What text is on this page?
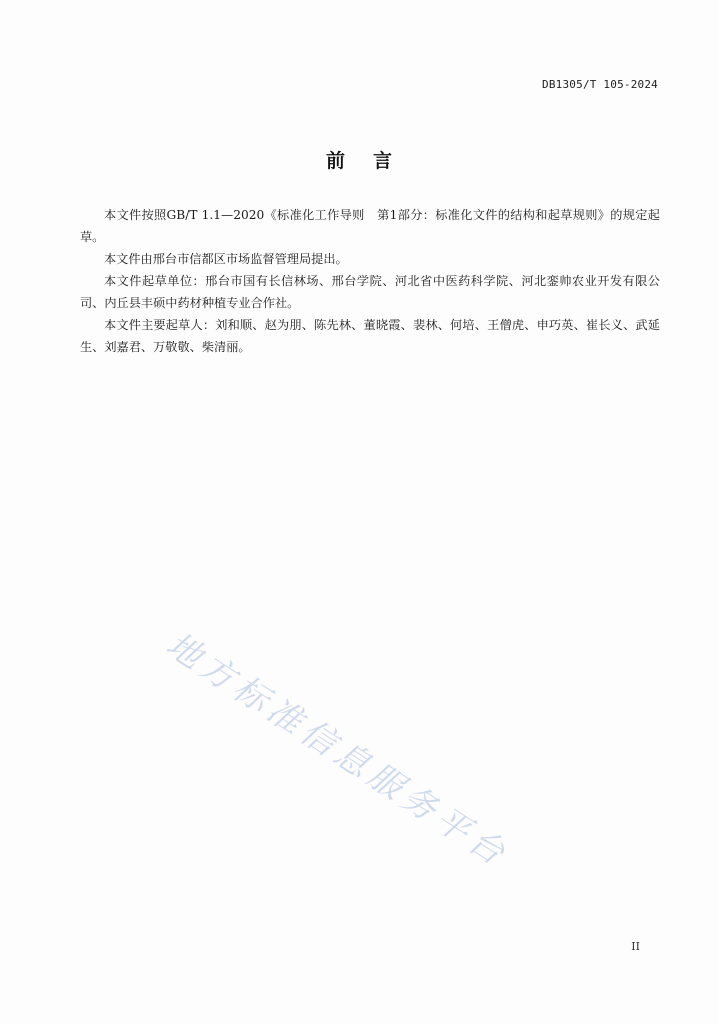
DB1305/T 105-2024
前言

本文件按照GB/T 1.1—2020《标准化工作导则　第1部分：标准化文件的结构和起草规则》的规定起草。

本文件由邢台市信都区市场监督管理局提出。

本文件起草单位：邢台市国有长信林场、邢台学院、河北省中医药科学院、河北銮帅农业开发有限公司、内丘县丰硕中药材种植专业合作社。

本文件主要起草人：刘和顺、赵为朋、陈先林、董晓霞、裴林、何培、王僧虎、申巧英、崔长义、武延生、刘嘉君、万敬敬、柴清丽。

地方标准信息服务平台
II
